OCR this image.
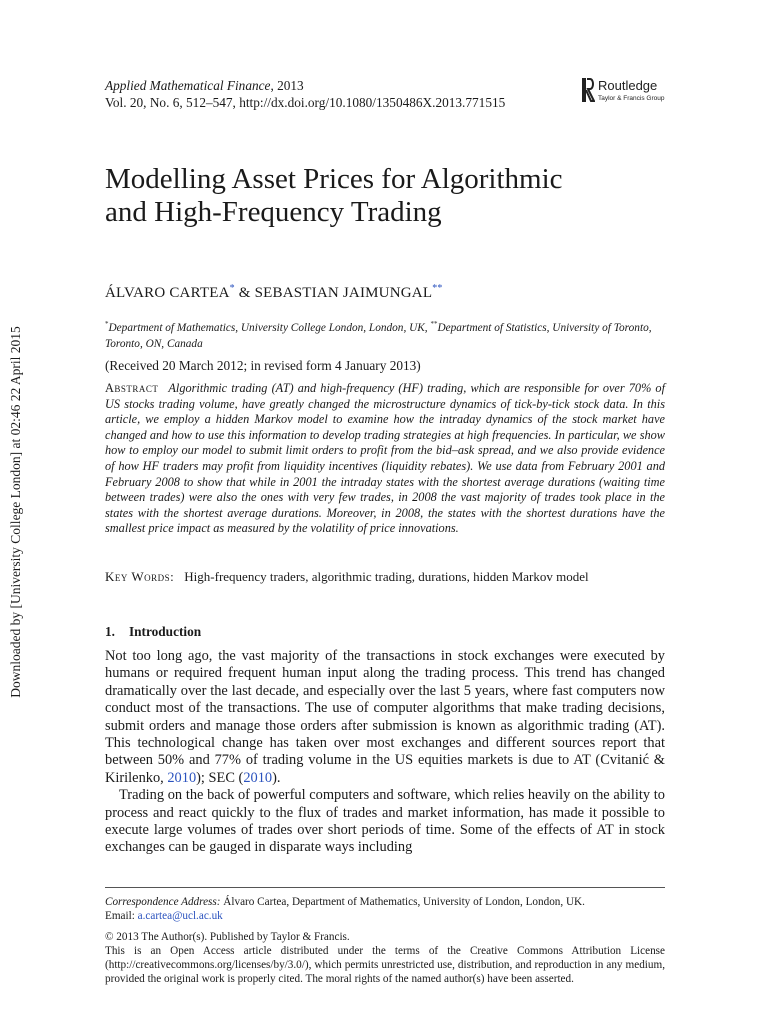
Downloaded by [University College London] at 02:46 22 April 2015
Applied Mathematical Finance, 2013
Vol. 20, No. 6, 512–547, http://dx.doi.org/10.1080/1350486X.2013.771515
Routledge
Taylor & Francis Group
Modelling Asset Prices for Algorithmic
and High-Frequency Trading
ÁLVARO CARTEA* & SEBASTIAN JAIMUNGAL**
*Department of Mathematics, University College London, London, UK, **Department of Statistics, University of Toronto, Toronto, ON, Canada
(Received 20 March 2012; in revised form 4 January 2013)

Abstract Algorithmic trading (AT) and high-frequency (HF) trading, which are responsible for over 70% of US stocks trading volume, have greatly changed the microstructure dynamics of tick-by-tick stock data. In this article, we employ a hidden Markov model to examine how the intraday dynamics of the stock market have changed and how to use this information to develop trading strategies at high frequencies. In particular, we show how to employ our model to submit limit orders to profit from the bid–ask spread, and we also provide evidence of how HF traders may profit from liquidity incentives (liquidity rebates). We use data from February 2001 and February 2008 to show that while in 2001 the intraday states with the shortest average durations (waiting time between trades) were also the ones with very few trades, in 2008 the vast majority of trades took place in the states with the shortest average durations. Moreover, in 2008, the states with the shortest durations have the smallest price impact as measured by the volatility of price innovations.

Key Words: High-frequency traders, algorithmic trading, durations, hidden Markov model
1. Introduction

Not too long ago, the vast majority of the transactions in stock exchanges were executed by humans or required frequent human input along the trading process. This trend has changed dramatically over the last decade, and especially over the last 5 years, where fast computers now conduct most of the transactions. The use of computer algorithms that make trading decisions, submit orders and manage those orders after submission is known as algorithmic trading (AT). This technological change has taken over most exchanges and different sources report that between 50% and 77% of trading volume in the US equities markets is due to AT (Cvitanić & Kirilenko, 2010); SEC (2010).

Trading on the back of powerful computers and software, which relies heavily on the ability to process and react quickly to the flux of trades and market information, has made it possible to execute large volumes of trades over short periods of time. Some of the effects of AT in stock exchanges can be gauged in disparate ways including

Correspondence Address: Álvaro Cartea, Department of Mathematics, University of London, London, UK.

Email: a.cartea@ucl.ac.uk

© 2013 The Author(s). Published by Taylor & Francis.

This is an Open Access article distributed under the terms of the Creative Commons Attribution License (http://creativecommons.org/licenses/by/3.0/), which permits unrestricted use, distribution, and reproduction in any medium, provided the original work is properly cited. The moral rights of the named author(s) have been asserted.
